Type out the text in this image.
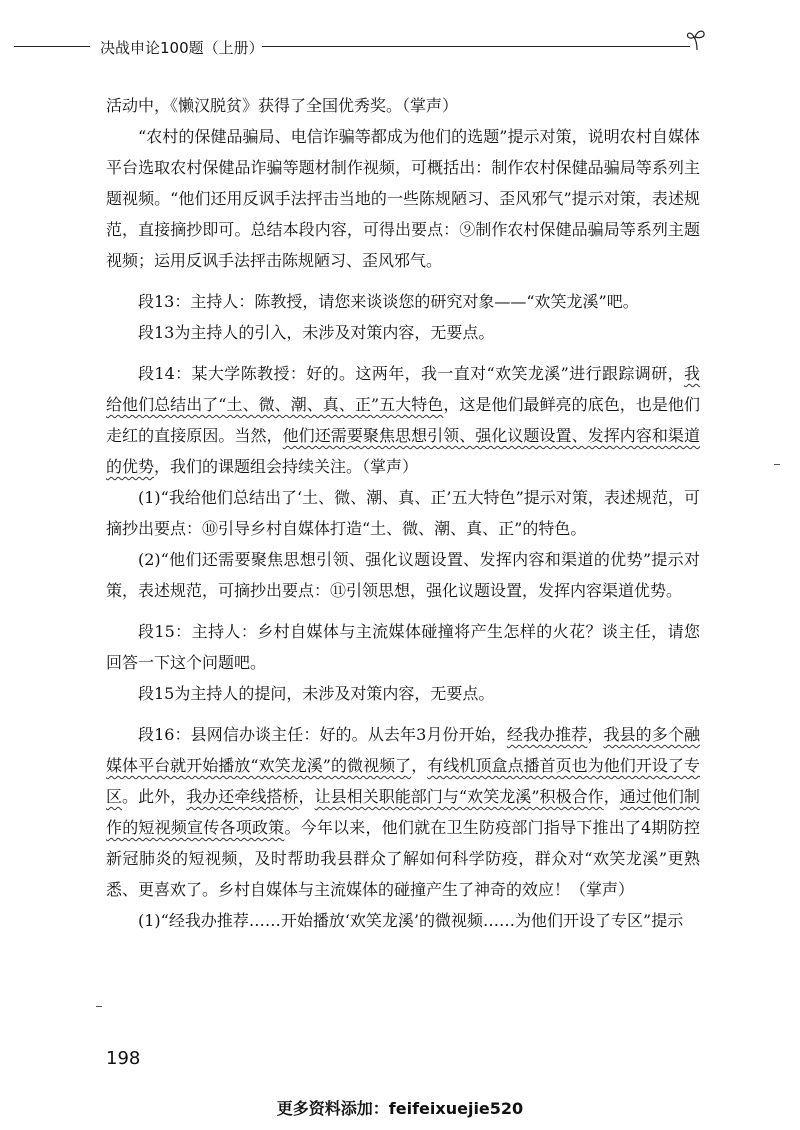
决战申论100题（上册）

活动中，《懒汉脱贫》获得了全国优秀奖。（掌声）

“农村的保健品骗局、电信诈骗等都成为他们的选题”提示对策，说明农村自媒体平台选取农村保健品诈骗等题材制作视频，可概括出：制作农村保健品骗局等系列主题视频。“他们还用反讽手法抨击当地的一些陈规陋习、歪风邪气”提示对策，表述规范，直接摘抄即可。总结本段内容，可得出要点：⑨制作农村保健品骗局等系列主题视频；运用反讽手法抨击陈规陋习、歪风邪气。

段13：主持人：陈教授，请您来谈谈您的研究对象——“欢笑龙溪”吧。

段13为主持人的引入，未涉及对策内容，无要点。

段14：某大学陈教授：好的。这两年，我一直对“欢笑龙溪”进行跟踪调研，我给他们总结出了“土、微、潮、真、正”五大特色，这是他们最鲜亮的底色，也是他们走红的直接原因。当然，他们还需要聚焦思想引领、强化议题设置、发挥内容和渠道的优势，我们的课题组会持续关注。（掌声）

(1)“我给他们总结出了‘土、微、潮、真、正’五大特色”提示对策，表述规范，可摘抄出要点：⑩引导乡村自媒体打造“土、微、潮、真、正”的特色。

(2)“他们还需要聚焦思想引领、强化议题设置、发挥内容和渠道的优势”提示对策，表述规范，可摘抄出要点：⑪引领思想，强化议题设置，发挥内容渠道优势。

段15：主持人：乡村自媒体与主流媒体碰撞将产生怎样的火花？谈主任，请您回答一下这个问题吧。

段15为主持人的提问，未涉及对策内容，无要点。

段16：县网信办谈主任：好的。从去年3月份开始，经我办推荐，我县的多个融媒体平台就开始播放“欢笑龙溪”的微视频了，有线机顶盒点播首页也为他们开设了专区。此外，我办还牵线搭桥，让县相关职能部门与“欢笑龙溪”积极合作，通过他们制作的短视频宣传各项政策。今年以来，他们就在卫生防疫部门指导下推出了4期防控新冠肺炎的短视频，及时帮助我县群众了解如何科学防疫，群众对“欢笑龙溪”更熟悉、更喜欢了。乡村自媒体与主流媒体的碰撞产生了神奇的效应！（掌声）

(1)“经我办推荐……开始播放‘欢笑龙溪’的微视频……为他们开设了专区”提示

198
更多资料添加：feifeixuejie520
